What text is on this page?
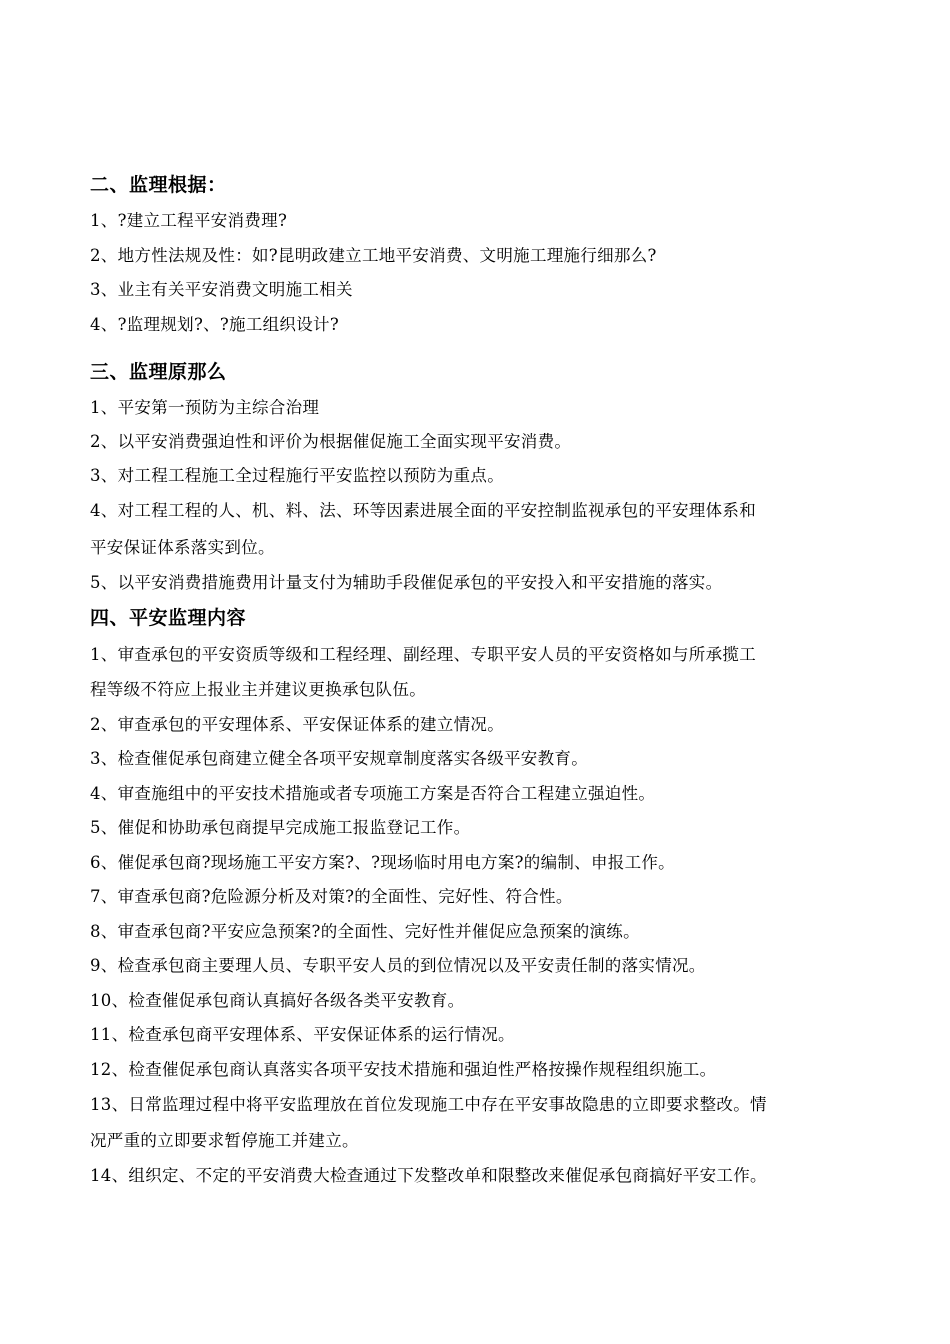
二、监理根据：
1、?建立工程平安消费理?
2、地方性法规及性：如?昆明政建立工地平安消费、文明施工理施行细那么?
3、业主有关平安消费文明施工相关
4、?监理规划?、?施工组织设计?
三、监理原那么
1、平安第一预防为主综合治理
2、以平安消费强迫性和评价为根据催促施工全面实现平安消费。
3、对工程工程施工全过程施行平安监控以预防为重点。
4、对工程工程的人、机、料、法、环等因素进展全面的平安控制监视承包的平安理体系和
平安保证体系落实到位。
5、以平安消费措施费用计量支付为辅助手段催促承包的平安投入和平安措施的落实。
四、平安监理内容
1、审查承包的平安资质等级和工程经理、副经理、专职平安人员的平安资格如与所承揽工
程等级不符应上报业主并建议更换承包队伍。
2、审查承包的平安理体系、平安保证体系的建立情况。
3、检查催促承包商建立健全各项平安规章制度落实各级平安教育。
4、审查施组中的平安技术措施或者专项施工方案是否符合工程建立强迫性。
5、催促和协助承包商提早完成施工报监登记工作。
6、催促承包商?现场施工平安方案?、?现场临时用电方案?的编制、申报工作。
7、审查承包商?危险源分析及对策?的全面性、完好性、符合性。
8、审查承包商?平安应急预案?的全面性、完好性并催促应急预案的演练。
9、检查承包商主要理人员、专职平安人员的到位情况以及平安责任制的落实情况。
10、检查催促承包商认真搞好各级各类平安教育。
11、检查承包商平安理体系、平安保证体系的运行情况。
12、检查催促承包商认真落实各项平安技术措施和强迫性严格按操作规程组织施工。
13、日常监理过程中将平安监理放在首位发现施工中存在平安事故隐患的立即要求整改。情
况严重的立即要求暂停施工并建立。
14、组织定、不定的平安消费大检查通过下发整改单和限整改来催促承包商搞好平安工作。
